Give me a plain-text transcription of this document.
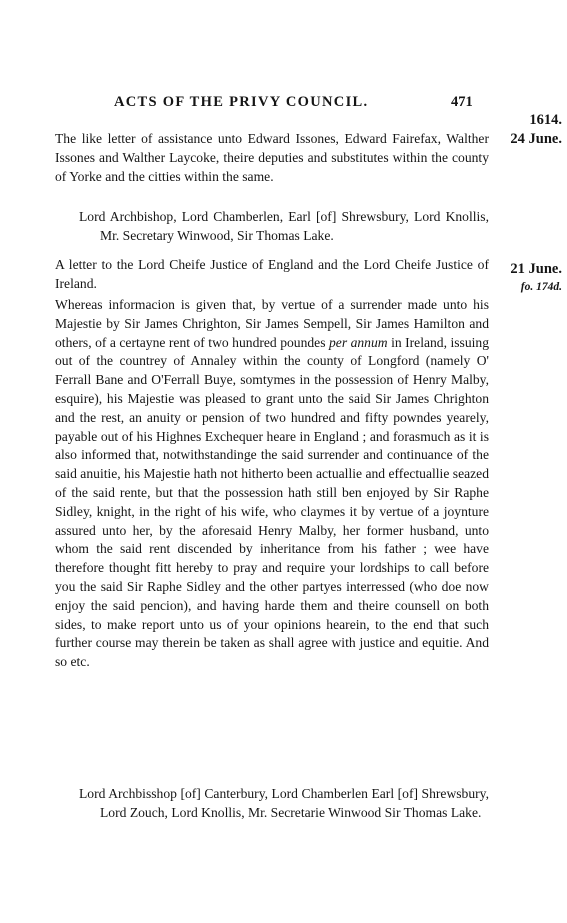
ACTS OF THE PRIVY COUNCIL.	471
1614.
24 June.
21 June.
fo. 174d.

The like letter of assistance unto Edward Issones, Edward Fairefax, Walther Issones and Walther Laycoke, theire deputies and substitutes within the county of Yorke and the citties within the same.

Lord Archbishop, Lord Chamberlen, Earl [of] Shrewsbury, Lord Knollis, Mr. Secretary Winwood, Sir Thomas Lake.

A letter to the Lord Cheife Justice of England and the Lord Cheife Justice of Ireland.

Whereas informacion is given that, by vertue of a surrender made unto his Majestie by Sir James Chrighton, Sir James Sempell, Sir James Hamilton and others, of a certayne rent of two hundred poundes per annum in Ireland, issuing out of the countrey of Annaley within the county of Longford (namely O' Ferrall Bane and O'Ferrall Buye, somtymes in the possession of Henry Malby, esquire), his Majestie was pleased to grant unto the said Sir James Chrighton and the rest, an anuity or pension of two hundred and fifty powndes yearely, payable out of his Highnes Exchequer heare in England ; and forasmuch as it is also informed that, notwithstandinge the said surrender and continuance of the said anuitie, his Majestie hath not hitherto been actuallie and effectuallie seazed of the said rente, but that the possession hath still ben enjoyed by Sir Raphe Sidley, knight, in the right of his wife, who claymes it by vertue of a joynture assured unto her, by the aforesaid Henry Malby, her former husband, unto whom the said rent discended by inheritance from his father ; wee have therefore thought fitt hereby to pray and require your lordships to call before you the said Sir Raphe Sidley and the other partyes interressed (who doe now enjoy the said pencion), and having harde them and theire counsell on both sides, to make report unto us of your opinions hearein, to the end that such further course may therein be taken as shall agree with justice and equitie. And so etc.

Lord Archbisshop [of] Canterbury, Lord Chamberlen Earl [of] Shrewsbury, Lord Zouch, Lord Knollis, Mr. Secretarie Winwood Sir Thomas Lake.
